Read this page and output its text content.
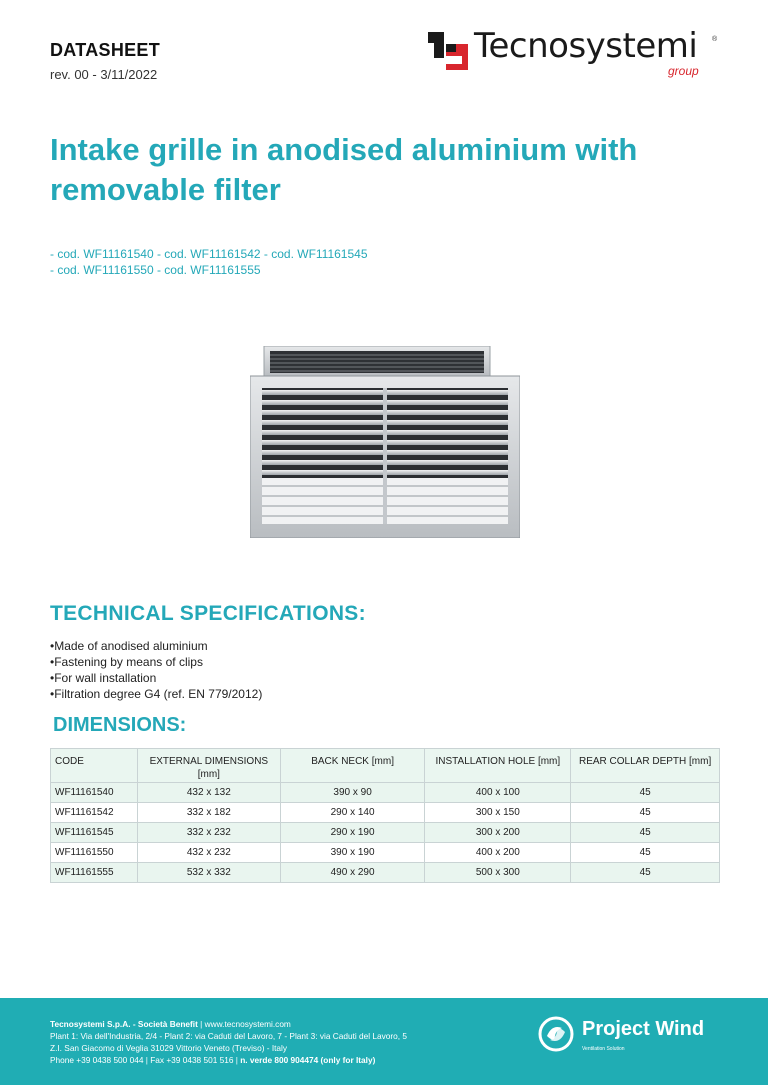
DATASHEET
rev. 00 - 3/11/2022
Tecnosystemi ®
group
Intake grille in anodised aluminium with removable filter
- cod. WF11161540 - cod. WF11161542 - cod. WF11161545
- cod. WF11161550 - cod. WF11161555
TECHNICAL SPECIFICATIONS:
• Made of anodised aluminium
• Fastening by means of clips
• For wall installation
• Filtration degree G4 (ref. EN 779/2012)
DIMENSIONS:
CODE	EXTERNAL DIMENSIONS [mm]	BACK NECK [mm]	INSTALLATION HOLE [mm]	REAR COLLAR DEPTH [mm]
WF11161540	432 x 132	390 x 90	400 x 100	45
WF11161542	332 x 182	290 x 140	300 x 150	45
WF11161545	332 x 232	290 x 190	300 x 200	45
WF11161550	432 x 232	390 x 190	400 x 200	45
WF11161555	532 x 332	490 x 290	500 x 300	45
Tecnosystemi S.p.A. - Società Benefit | www.tecnosystemi.com
Plant 1: Via dell'Industria, 2/4 - Plant 2: via Caduti del Lavoro, 7 - Plant 3: via Caduti del Lavoro, 5
Z.I. San Giacomo di Veglia 31029 Vittorio Veneto (Treviso) - Italy
Phone +39 0438 500 044 | Fax +39 0438 501 516 | n. verde 800 904474 (only for Italy)
Project Wind
Ventilation Solution
